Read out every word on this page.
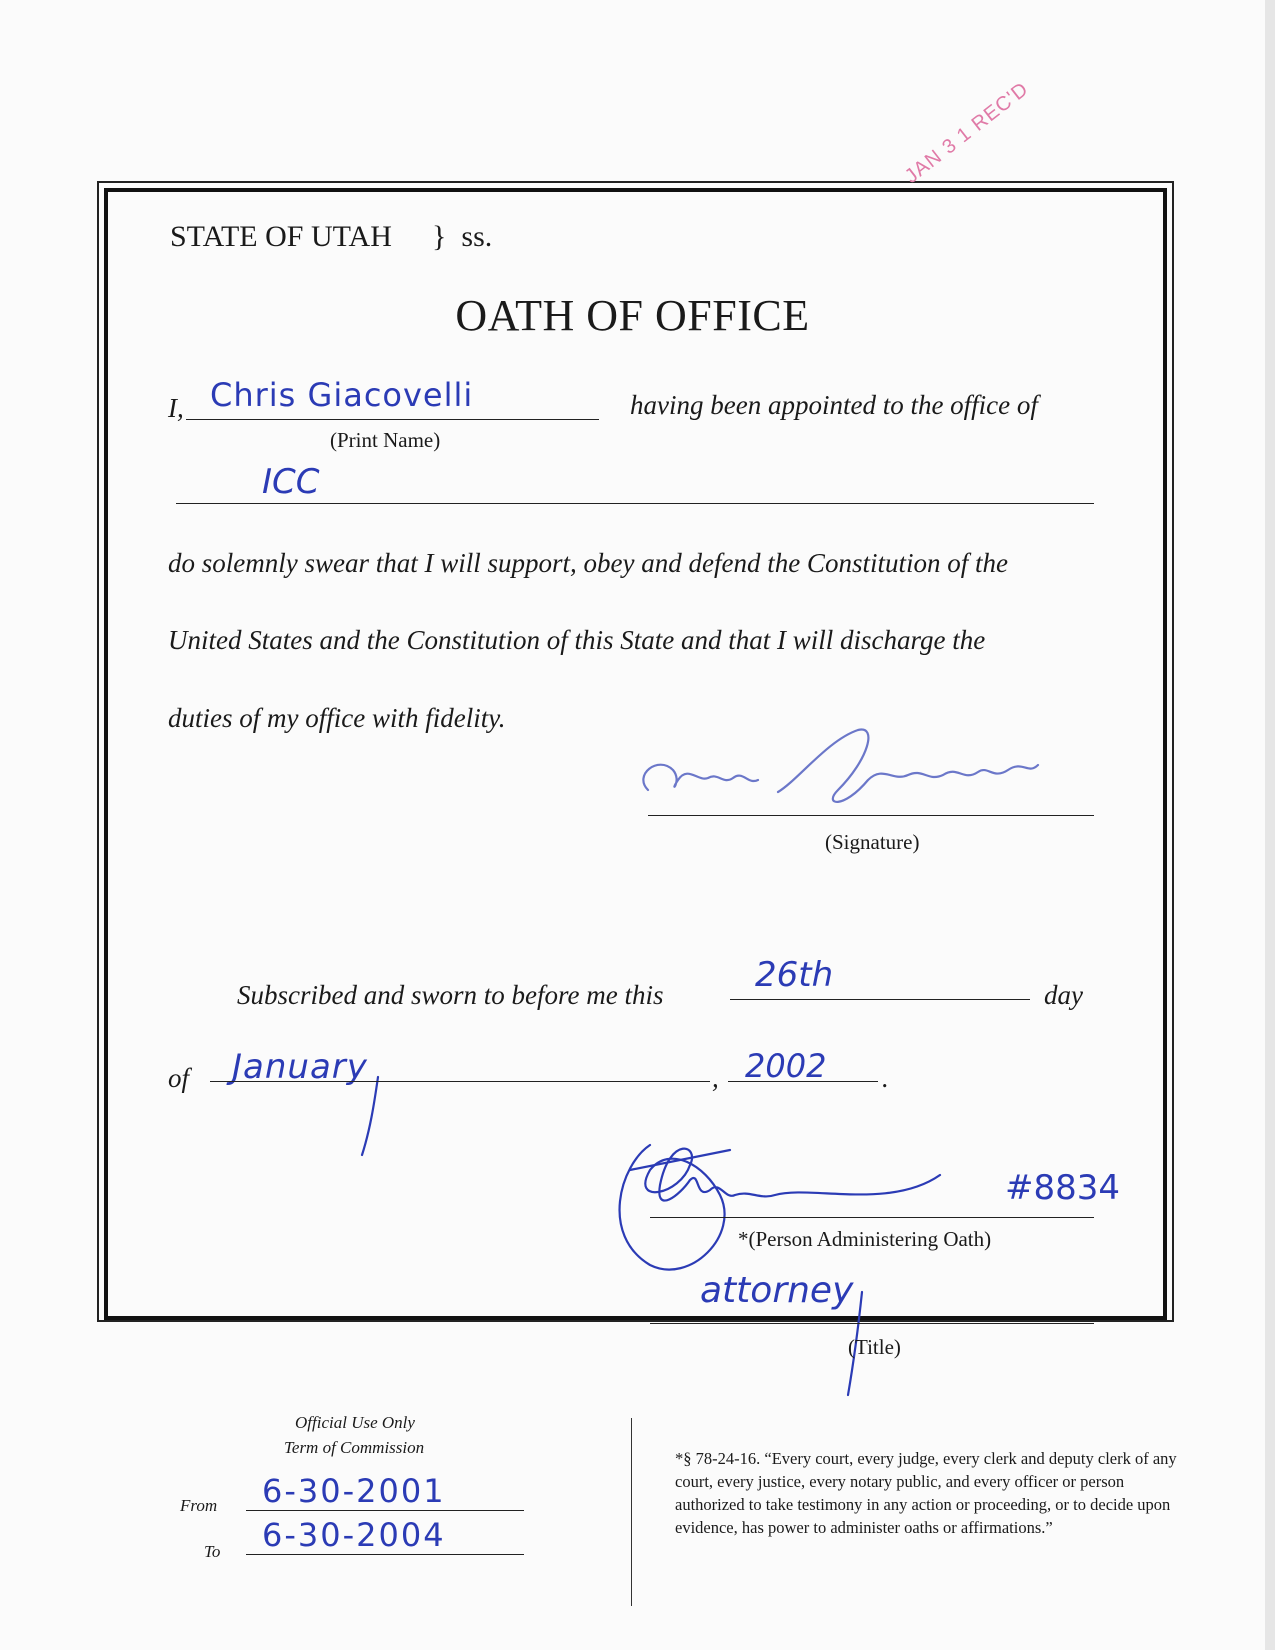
JAN 3 1 REC'D
STATE OF UTAH } ss.
OATH OF OFFICE
I, Chris Giacovelli
(Print Name)
having been appointed to the office of
ICC
do solemnly swear that I will support, obey and defend the Constitution of the
United States and the Constitution of this State and that I will discharge the
duties of my office with fidelity.
(Signature)
Subscribed and sworn to before me this	26th	day
of January	, 2002 .
#8834
*(Person Administering Oath)
attorney
(Title)
Official Use Only
Term of Commission
From 6-30-2001
To 6-30-2004
*§ 78-24-16. “Every court, every judge, every clerk and deputy clerk of any court, every justice, every notary public, and every officer or person authorized to take testimony in any action or proceeding, or to decide upon evidence, has power to administer oaths or affirmations.”
